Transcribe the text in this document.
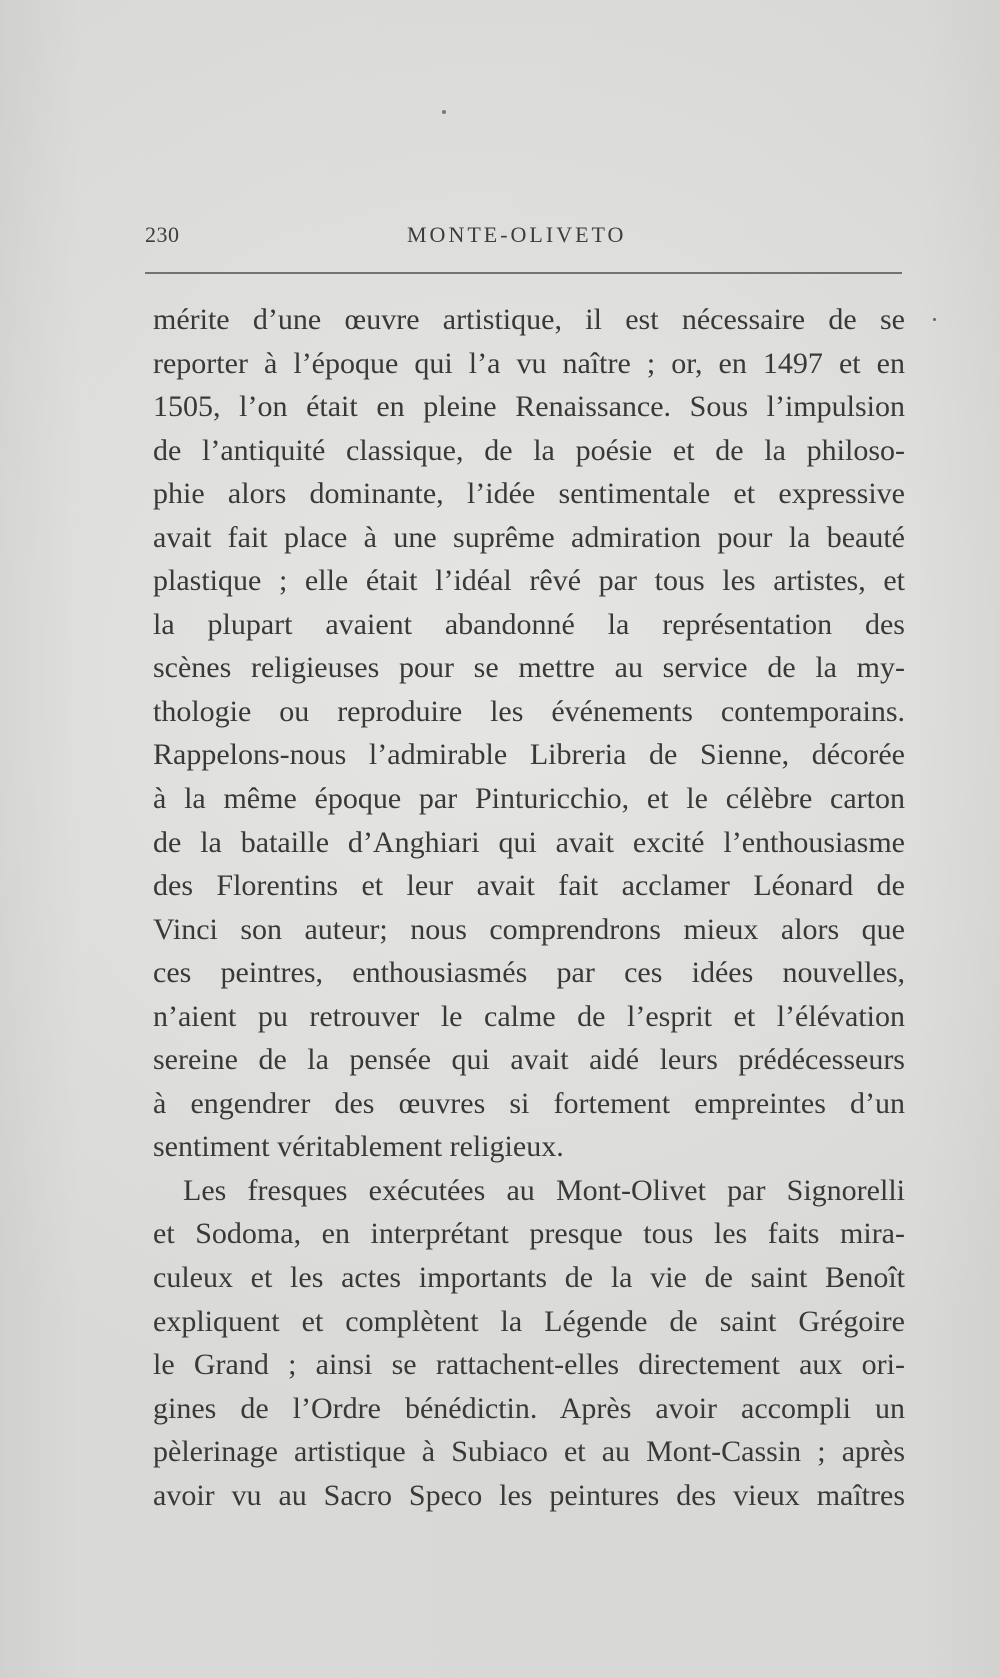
230	MONTE-OLIVETO
mérite d’une œuvre artistique, il est nécessaire de se
reporter à l’époque qui l’a vu naître ; or, en 1497 et en
1505, l’on était en pleine Renaissance. Sous l’impulsion
de l’antiquité classique, de la poésie et de la philoso-
phie alors dominante, l’idée sentimentale et expressive
avait fait place à une suprême admiration pour la beauté
plastique ; elle était l’idéal rêvé par tous les artistes, et
la plupart avaient abandonné la représentation des
scènes religieuses pour se mettre au service de la my-
thologie ou reproduire les événements contemporains.
Rappelons-nous l’admirable Libreria de Sienne, décorée
à la même époque par Pinturicchio, et le célèbre carton
de la bataille d’Anghiari qui avait excité l’enthousiasme
des Florentins et leur avait fait acclamer Léonard de
Vinci son auteur; nous comprendrons mieux alors que
ces peintres, enthousiasmés par ces idées nouvelles,
n’aient pu retrouver le calme de l’esprit et l’élévation
sereine de la pensée qui avait aidé leurs prédécesseurs
à engendrer des œuvres si fortement empreintes d’un
sentiment véritablement religieux.
Les fresques exécutées au Mont-Olivet par Signorelli
et Sodoma, en interprétant presque tous les faits mira-
culeux et les actes importants de la vie de saint Benoît
expliquent et complètent la Légende de saint Grégoire
le Grand ; ainsi se rattachent-elles directement aux ori-
gines de l’Ordre bénédictin. Après avoir accompli un
pèlerinage artistique à Subiaco et au Mont-Cassin ; après
avoir vu au Sacro Speco les peintures des vieux maîtres
